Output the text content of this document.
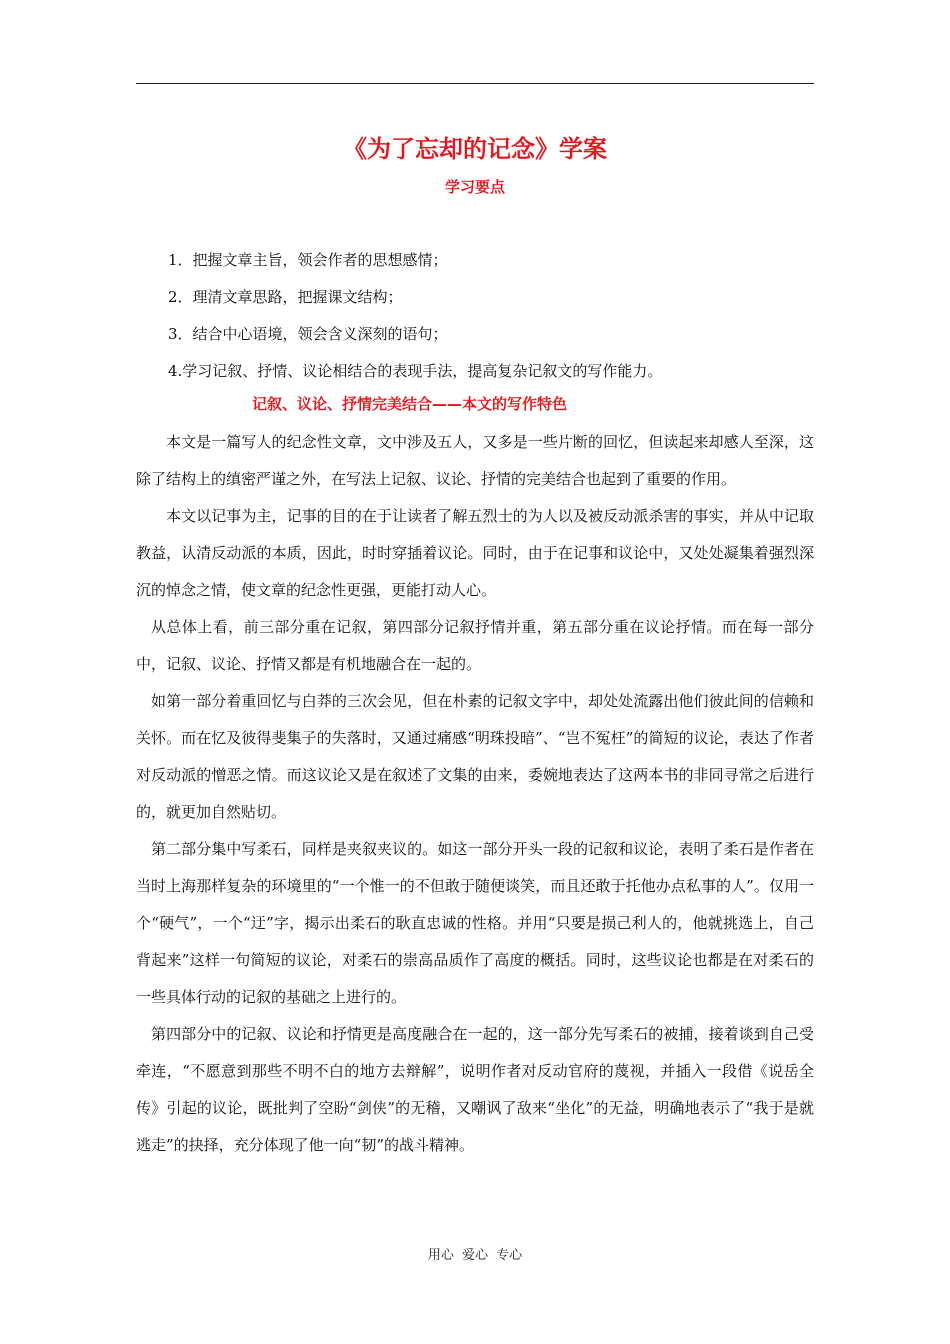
《为了忘却的记念》学案
学习要点
1．把握文章主旨，领会作者的思想感情；
2．理清文章思路，把握课文结构；
3．结合中心语境，领会含义深刻的语句；
4.学习记叙、抒情、议论相结合的表现手法，提高复杂记叙文的写作能力。
记叙、议论、抒情完美结合——本文的写作特色

本文是一篇写人的纪念性文章，文中涉及五人，又多是一些片断的回忆，但读起来却感人至深，这除了结构上的缜密严谨之外，在写法上记叙、议论、抒情的完美结合也起到了重要的作用。

本文以记事为主，记事的目的在于让读者了解五烈士的为人以及被反动派杀害的事实，并从中记取教益，认清反动派的本质，因此，时时穿插着议论。同时，由于在记事和议论中，又处处凝集着强烈深沉的悼念之情，使文章的纪念性更强，更能打动人心。

从总体上看，前三部分重在记叙，第四部分记叙抒情并重，第五部分重在议论抒情。而在每一部分中，记叙、议论、抒情又都是有机地融合在一起的。

如第一部分着重回忆与白莽的三次会见，但在朴素的记叙文字中，却处处流露出他们彼此间的信赖和关怀。而在忆及彼得斐集子的失落时，又通过痛感“明珠投暗”、“岂不冤枉”的简短的议论，表达了作者对反动派的憎恶之情。而这议论又是在叙述了文集的由来，委婉地表达了这两本书的非同寻常之后进行的，就更加自然贴切。

第二部分集中写柔石，同样是夹叙夹议的。如这一部分开头一段的记叙和议论，表明了柔石是作者在当时上海那样复杂的环境里的“一个惟一的不但敢于随便谈笑，而且还敢于托他办点私事的人”。仅用一个“硬气”，一个“迂”字，揭示出柔石的耿直忠诚的性格。并用“只要是损己利人的，他就挑选上，自己背起来”这样一句简短的议论，对柔石的崇高品质作了高度的概括。同时，这些议论也都是在对柔石的一些具体行动的记叙的基础之上进行的。

第四部分中的记叙、议论和抒情更是高度融合在一起的，这一部分先写柔石的被捕，接着谈到自己受牵连，“不愿意到那些不明不白的地方去辩解”，说明作者对反动官府的蔑视，并插入一段借《说岳全传》引起的议论，既批判了空盼“剑侠”的无稽，又嘲讽了敌来“坐化”的无益，明确地表示了“我于是就逃走”的抉择，充分体现了他一向“韧”的战斗精神。

用心 爱心 专心
